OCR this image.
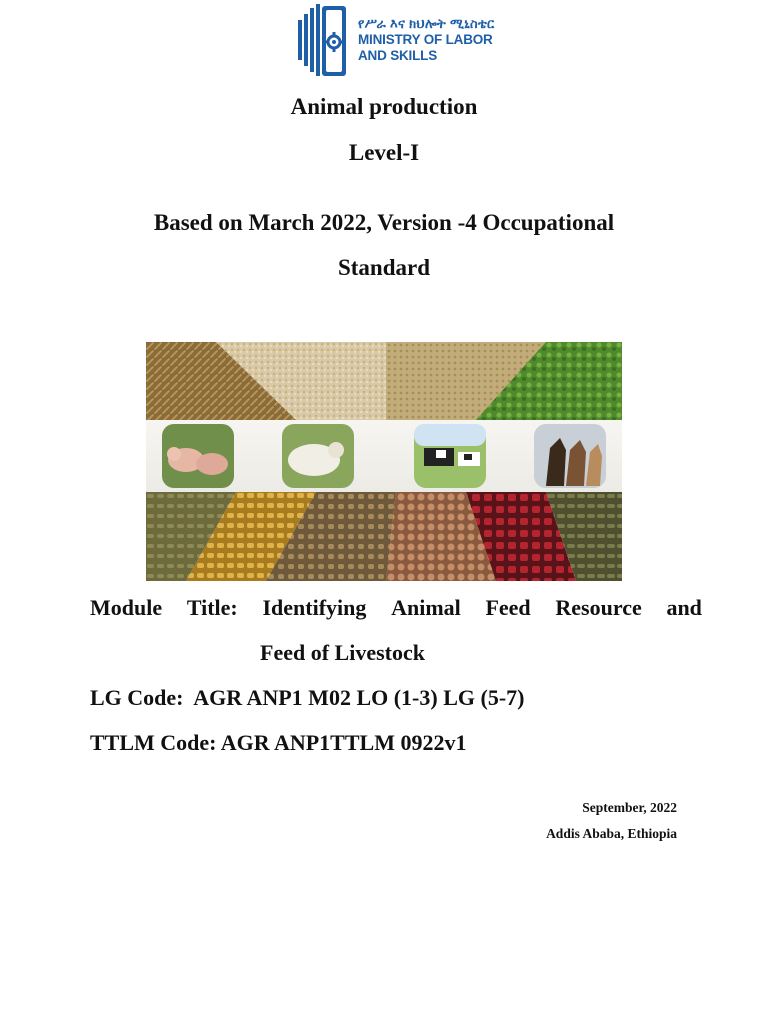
የሥራ እና ክህሎት ሚኒስቴር
MINISTRY OF LABOR
AND SKILLS
Animal production
Level-I
Based on March 2022, Version -4 Occupational
Standard
Module Title: Identifying Animal Feed Resource and
Feed of Livestock
LG Code:  AGR ANP1 M02 LO (1-3) LG (5-7)
TTLM Code: AGR ANP1TTLM 0922v1
September, 2022
Addis Ababa, Ethiopia
